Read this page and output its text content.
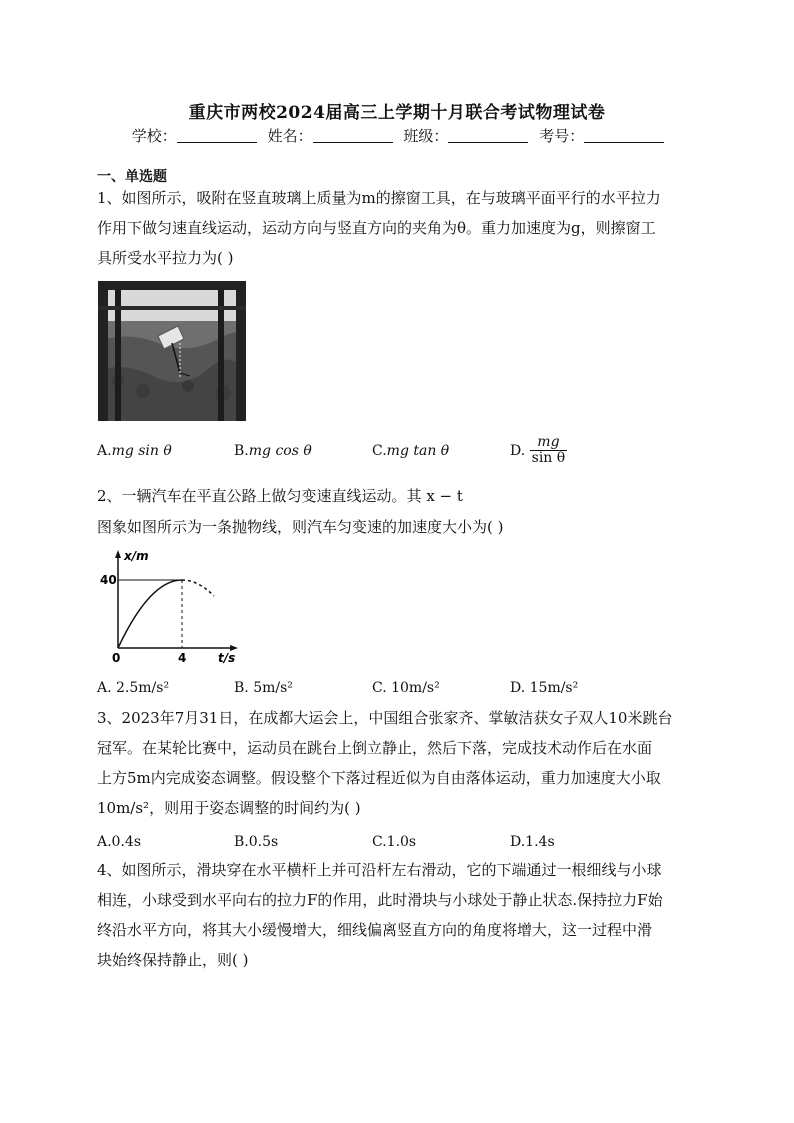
重庆市两校2024届高三上学期十月联合考试物理试卷
学校：	姓名：	班级：	考号：
一、单选题
1、如图所示，吸附在竖直玻璃上质量为m的擦窗工具，在与玻璃平面平行的水平拉力
作用下做匀速直线运动，运动方向与竖直方向的夹角为θ。重力加速度为g，则擦窗工
具所受水平拉力为( )
A.mg sin θ	B.mg cos θ	C.mg tan θ	D. $\frac{mg}{\text{sin θ}}$
2、一辆汽车在平直公路上做匀变速直线运动。其 x − t
图象如图所示为一条抛物线，则汽车匀变速的加速度大小为( )
x/m
40
0	4	t/s
A. 2.5m/s²	B. 5m/s²	C. 10m/s²	D. 15m/s²
3、2023年7月31日，在成都大运会上，中国组合张家齐、掌敏洁获女子双人10米跳台
冠军。在某轮比赛中，运动员在跳台上倒立静止，然后下落，完成技术动作后在水面
上方5m内完成姿态调整。假设整个下落过程近似为自由落体运动，重力加速度大小取
10m/s²，则用于姿态调整的时间约为( )
A.0.4s	B.0.5s	C.1.0s	D.1.4s
4、如图所示，滑块穿在水平横杆上并可沿杆左右滑动，它的下端通过一根细线与小球
相连，小球受到水平向右的拉力F的作用，此时滑块与小球处于静止状态.保持拉力F始
终沿水平方向，将其大小缓慢增大，细线偏离竖直方向的角度将增大，这一过程中滑
块始终保持静止，则( )
